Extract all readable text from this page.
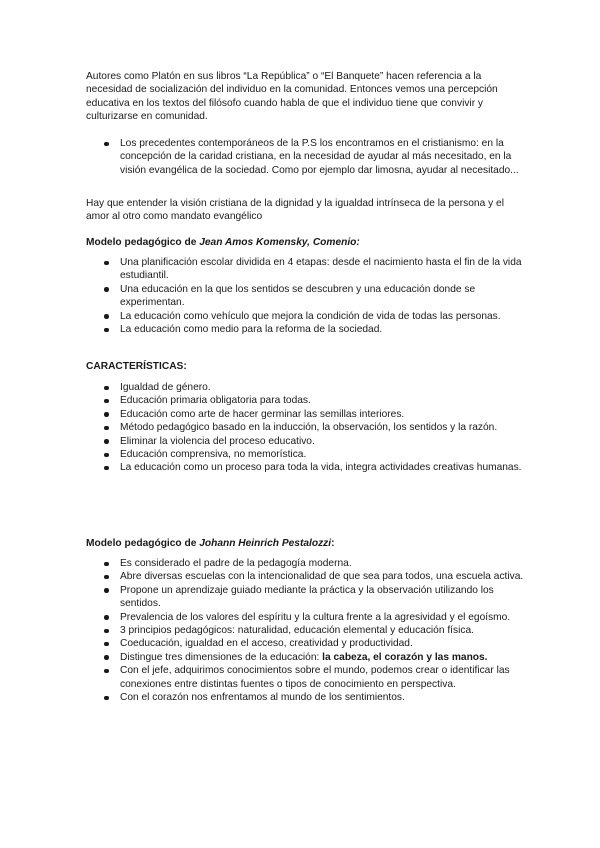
Autores como Platón en sus libros “La República” o “El Banquete” hacen referencia a la necesidad de socialización del individuo en la comunidad. Entonces vemos una percepción educativa en los textos del filósofo cuando habla de que el individuo tiene que convivir y culturizarse en comunidad.

Los precedentes contemporáneos de la P.S los encontramos en el cristianismo: en la concepción de la caridad cristiana, en la necesidad de ayudar al más necesitado, en la visión evangélica de la sociedad. Como por ejemplo dar limosna, ayudar al necesitado...

Hay que entender la visión cristiana de la dignidad y la igualdad intrínseca de la persona y el amor al otro como mandato evangélico

Modelo pedagógico de Jean Amos Komensky, Comenio:

Una planificación escolar dividida en 4 etapas: desde el nacimiento hasta el fin de la vida estudiantil.
Una educación en la que los sentidos se descubren y una educación donde se experimentan.
La educación como vehículo que mejora la condición de vida de todas las personas.
La educación como medio para la reforma de la sociedad.

CARACTERÍSTICAS:

Igualdad de género.
Educación primaria obligatoria para todas.
Educación como arte de hacer germinar las semillas interiores.
Método pedagógico basado en la inducción, la observación, los sentidos y la razón.
Eliminar la violencia del proceso educativo.
Educación comprensiva, no memorística.
La educación como un proceso para toda la vida, integra actividades creativas humanas.

Modelo pedagógico de Johann Heinrich Pestalozzi:

Es considerado el padre de la pedagogía moderna.
Abre diversas escuelas con la intencionalidad de que sea para todos, una escuela activa.
Propone un aprendizaje guiado mediante la práctica y la observación utilizando los sentidos.
Prevalencia de los valores del espíritu y la cultura frente a la agresividad y el egoísmo.
3 principios pedagógicos: naturalidad, educación elemental y educación física.
Coeducación, igualdad en el acceso, creatividad y productividad.
Distingue tres dimensiones de la educación: la cabeza, el corazón y las manos.
Con el jefe, adquirimos conocimientos sobre el mundo, podemos crear o identificar las conexiones entre distintas fuentes o tipos de conocimiento en perspectiva.
Con el corazón nos enfrentamos al mundo de los sentimientos.
